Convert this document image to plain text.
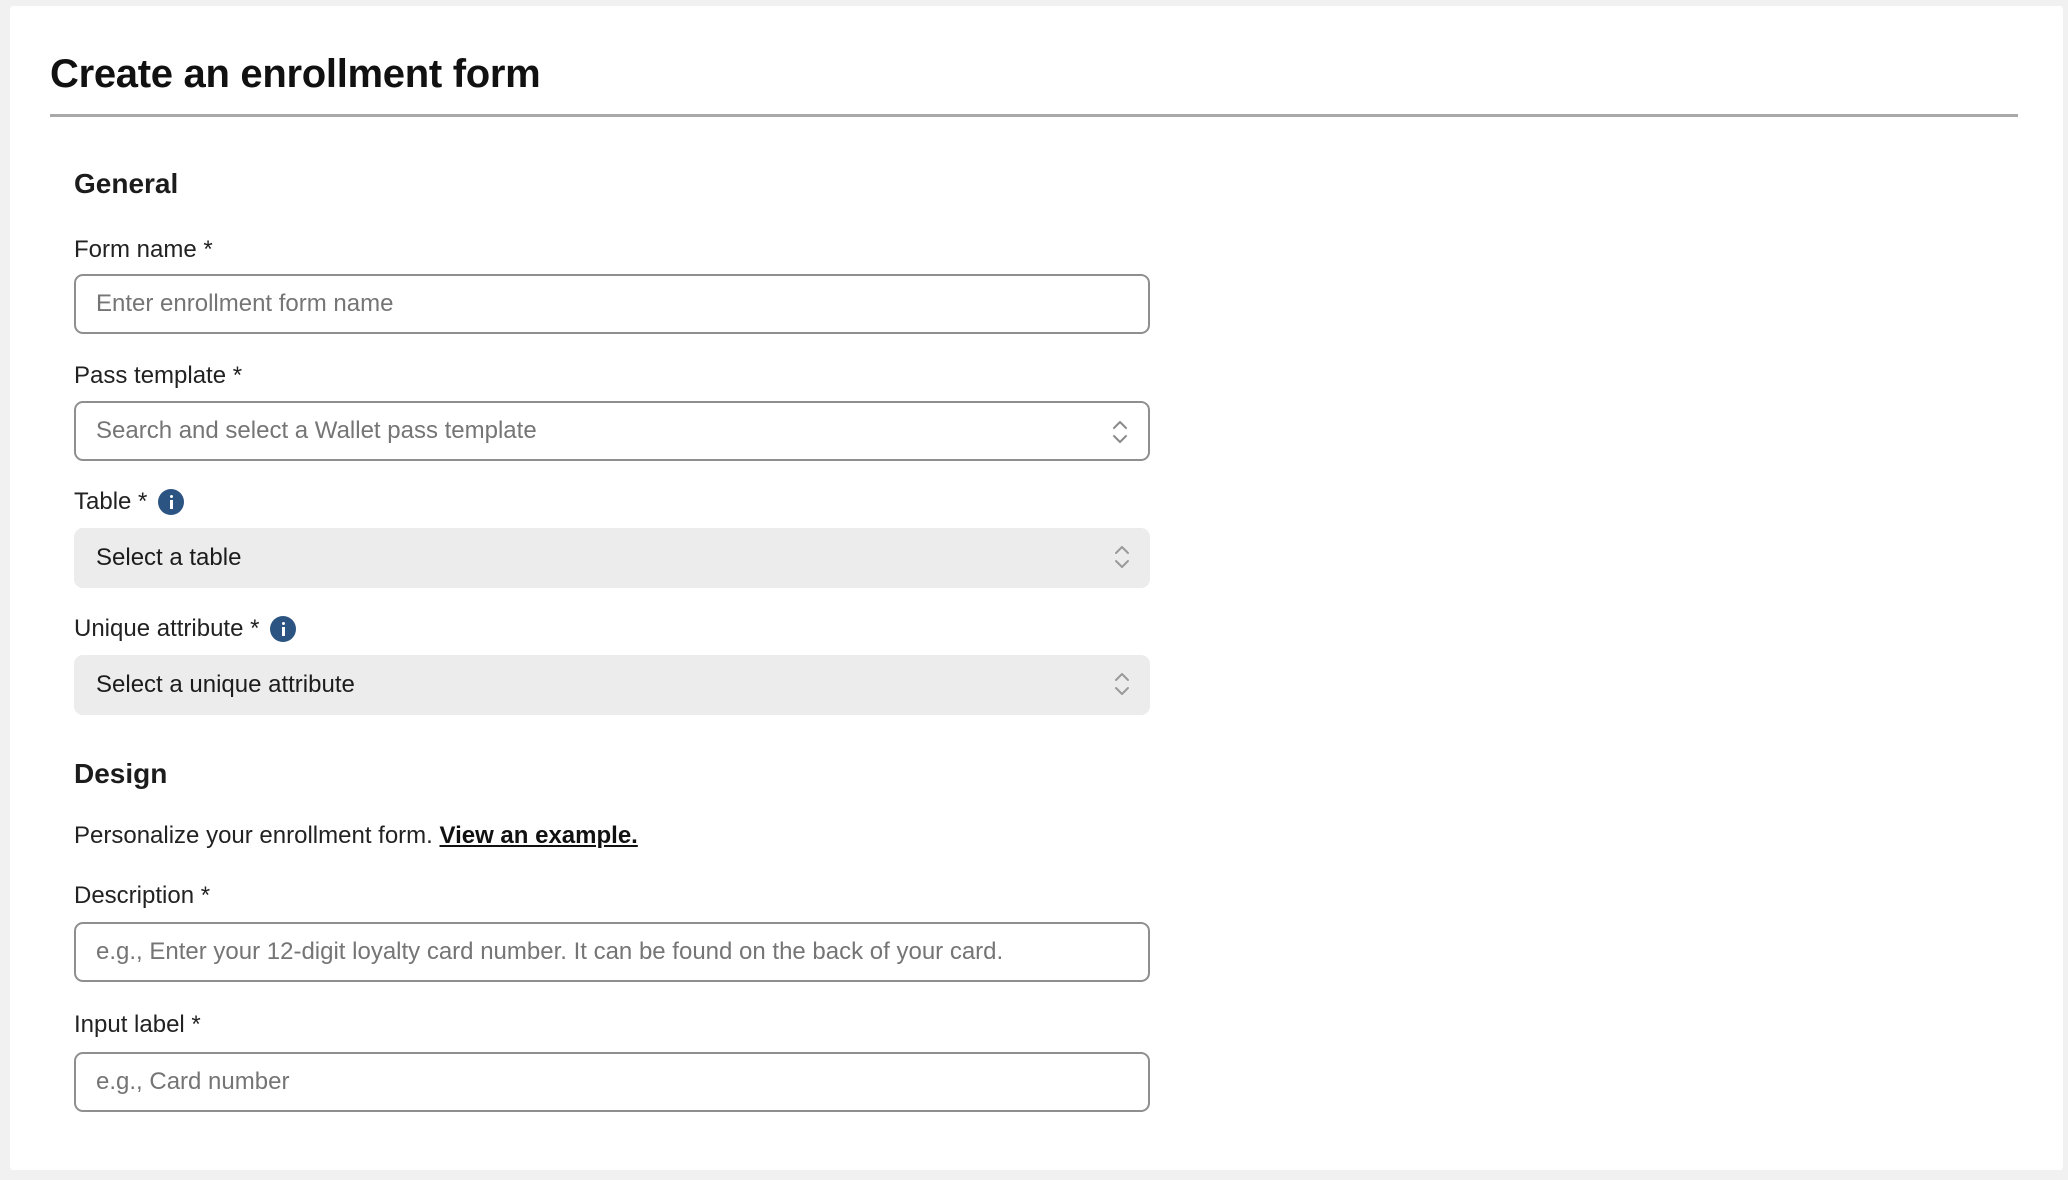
Create an enrollment form
General
Form name *
Enter enrollment form name
Pass template *
Search and select a Wallet pass template
Table *
Select a table
Unique attribute *
Select a unique attribute
Design

Personalize your enrollment form. View an example.

Description *
e.g., Enter your 12-digit loyalty card number. It can be found on the back of your card.
Input label *
e.g., Card number
